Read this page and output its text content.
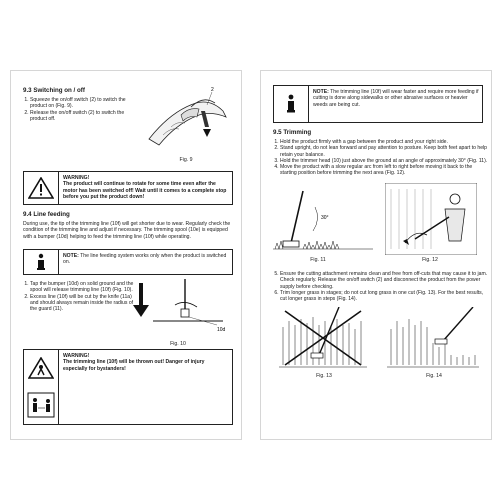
9.3 Switching on / off
1. Squeeze the on/off switch (2) to switch the product on (Fig. 9).
2. Release the on/off switch (2) to switch the product off.
2
Fig. 9
WARNING!
The product will continue to rotate for some time even after the motor has been switched off! Wait until it comes to a complete stop before you put the product down!
9.4 Line feeding

During use, the tip of the trimming line (10f) will get shorter due to wear. Regularly check the condition of the trimming line and adjust if necessary. The trimming spool (10e) is equipped with a bumper (10d) helping to feed the trimming line (10f) while operating.

NOTE: The line feeding system works only when the product is switched on.
1. Tap the bumper (10d) on solid ground and the spool will release trimming line (10f) (Fig. 10).
2. Excess line (10f) will be cut by the knife (11a) and should always remain inside the radius of the guard (11).
10d
Fig. 10
WARNING!
The trimming line (10f) will be thrown out! Danger of injury especially for bystanders!
NOTE: The trimming line (10f) will wear faster and require more feeding if cutting is done along sidewalks or other abrasive surfaces or heavier weeds are being cut.
9.5 Trimming
1. Hold the product firmly with a gap between the product and your right side.
2. Stand upright, do not lean forward and pay attention to posture. Keep both feet apart to help retain your balance.
3. Hold the trimmer head (10) just above the ground at an angle of approximately 30° (Fig. 11).
4. Move the product with a slow regular arc from left to right before moving it back to the starting position before trimming the next area (Fig. 12).
30°
Fig. 11	Fig. 12
5. Ensure the cutting attachment remains clean and free from off-cuts that may cause it to jam. Check regularly. Release the on/off switch (2) and disconnect the product from the power supply before checking.
6. Trim longer grass in stages; do not cut long grass in one cut (Fig. 13). For the best results, cut longer grass in steps (Fig. 14).
Fig. 13	Fig. 14
